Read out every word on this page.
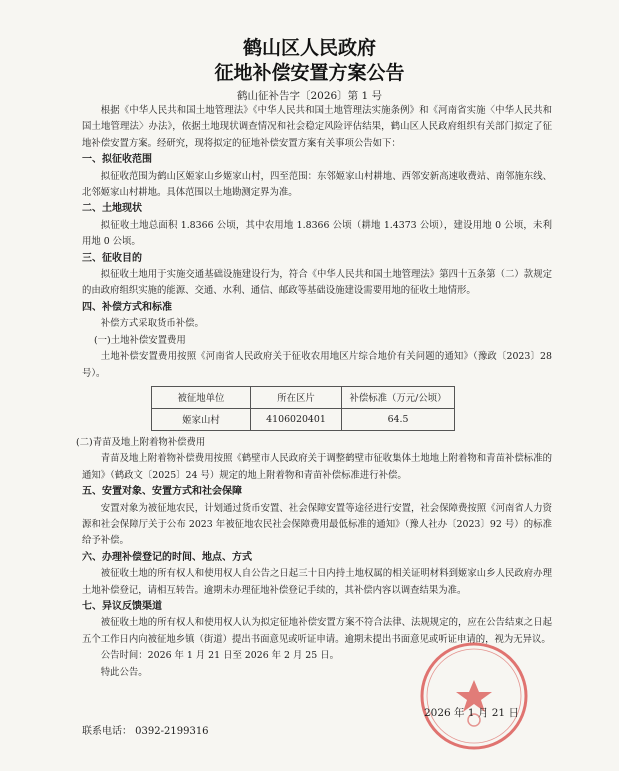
鹤山区人民政府
征地补偿安置方案公告
鹤山征补告字〔2026〕第 1 号

根据《中华人民共和国土地管理法》《中华人民共和国土地管理法实施条例》和《河南省实施〈中华人民共和国土地管理法〉办法》，依据土地现状调查情况和社会稳定风险评估结果，鹤山区人民政府组织有关部门拟定了征地补偿安置方案。经研究，现将拟定的征地补偿安置方案有关事项公告如下：

一、拟征收范围

拟征收范围为鹤山区姬家山乡姬家山村，四至范围：东邻姬家山村耕地、西邻安新高速收费站、南邻施东线、北邻姬家山村耕地。具体范围以土地勘测定界为准。

二、土地现状

拟征收土地总面积 1.8366 公顷，其中农用地 1.8366 公顷（耕地 1.4373 公顷），建设用地 0 公顷，未利用地 0 公顷。

三、征收目的

拟征收土地用于实施交通基础设施建设行为，符合《中华人民共和国土地管理法》第四十五条第（二）款规定的由政府组织实施的能源、交通、水利、通信、邮政等基础设施建设需要用地的征收土地情形。

四、补偿方式和标准

补偿方式采取货币补偿。

(一)土地补偿安置费用

土地补偿安置费用按照《河南省人民政府关于征收农用地区片综合地价有关问题的通知》（豫政〔2023〕28 号）。

被征地单位	所在区片	补偿标准（万元/公顷）
姬家山村	4106020401	64.5

(二)青苗及地上附着物补偿费用

青苗及地上附着物补偿费用按照《鹤壁市人民政府关于调整鹤壁市征收集体土地地上附着物和青苗补偿标准的通知》（鹤政文〔2025〕24 号）规定的地上附着物和青苗补偿标准进行补偿。

五、安置对象、安置方式和社会保障

安置对象为被征地农民，计划通过货币安置、社会保障安置等途径进行安置，社会保障费按照《河南省人力资源和社会保障厅关于公布 2023 年被征地农民社会保障费用最低标准的通知》（豫人社办〔2023〕92 号）的标准给予补偿。

六、办理补偿登记的时间、地点、方式

被征收土地的所有权人和使用权人自公告之日起三十日内持土地权属的相关证明材料到姬家山乡人民政府办理土地补偿登记，请相互转告。逾期未办理征地补偿登记手续的，其补偿内容以调查结果为准。

七、异议反馈渠道

被征收土地的所有权人和使用权人认为拟定征地补偿安置方案不符合法律、法规规定的，应在公告结束之日起五个工作日内向被征地乡镇（街道）提出书面意见或听证申请。逾期未提出书面意见或听证申请的，视为无异议。

公告时间：2026 年 1 月 21 日至 2026 年 2 月 25 日。

特此公告。

2026 年 1 月 21 日
联系电话： 0392-2199316
